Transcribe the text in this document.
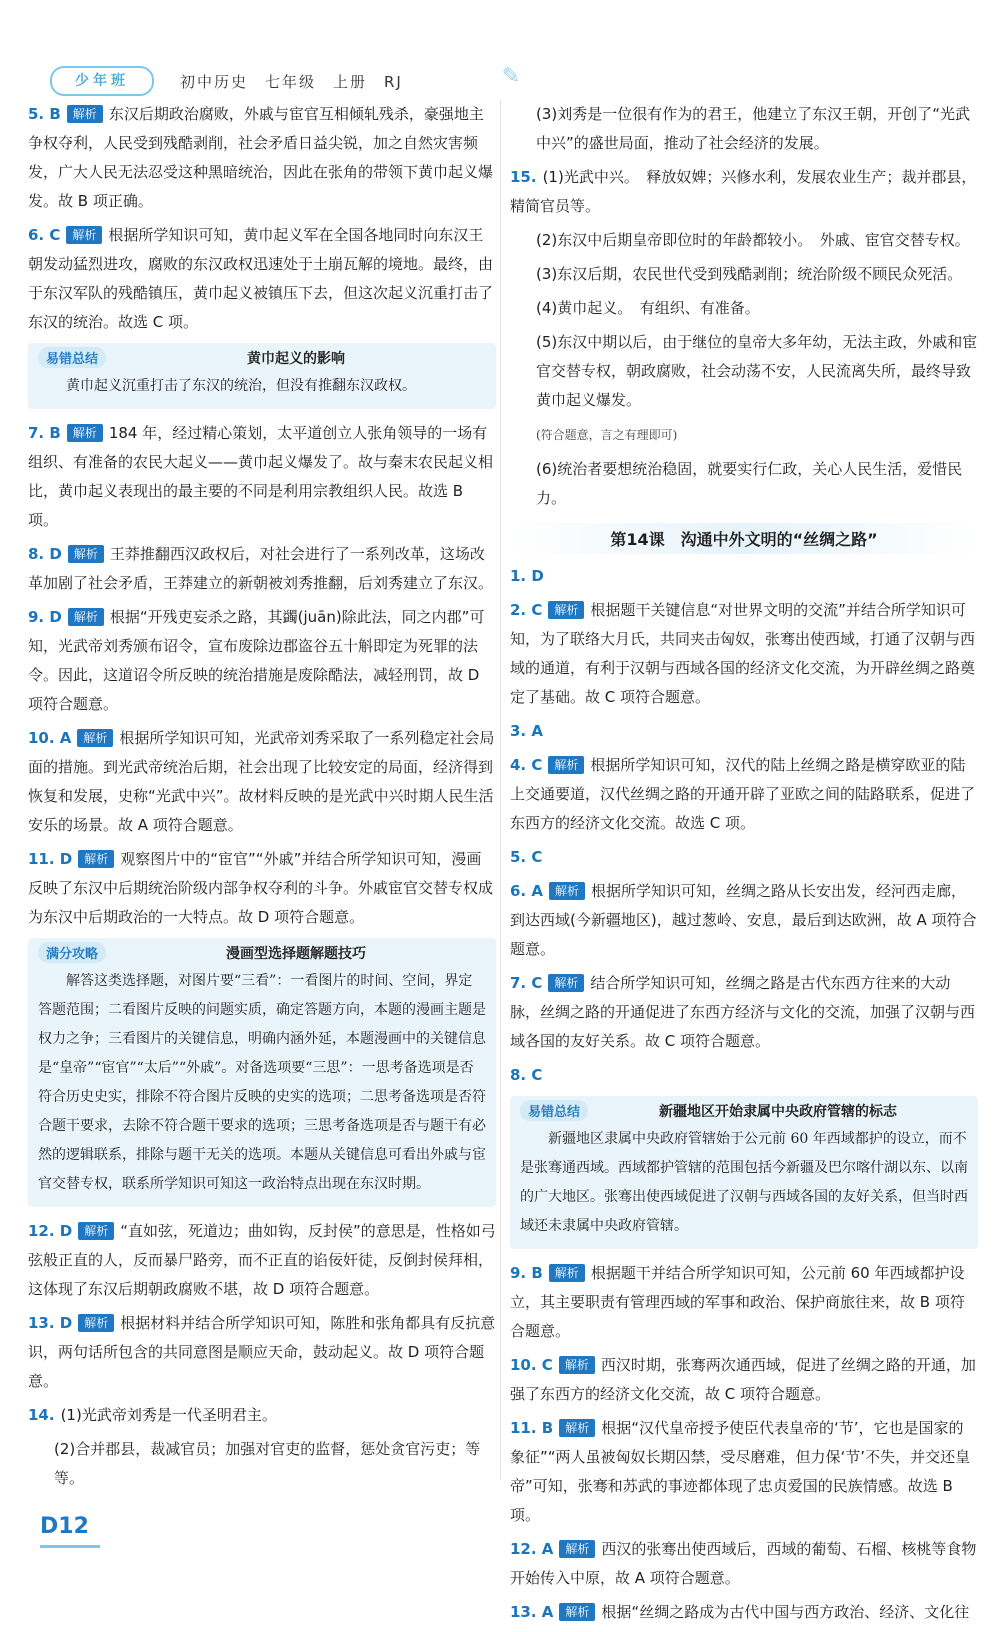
少年班	初中历史　七年级　上册　RJ	✎
5. B 解析 东汉后期政治腐败，外戚与宦官互相倾轧残杀，豪强地主争权夺利，人民受到残酷剥削，社会矛盾日益尖锐，加之自然灾害频发，广大人民无法忍受这种黑暗统治，因此在张角的带领下黄巾起义爆发。故 B 项正确。
6. C 解析 根据所学知识可知，黄巾起义军在全国各地同时向东汉王朝发动猛烈进攻，腐败的东汉政权迅速处于土崩瓦解的境地。最终，由于东汉军队的残酷镇压，黄巾起义被镇压下去，但这次起义沉重打击了东汉的统治。故选 C 项。
易错总结	黄巾起义的影响
黄巾起义沉重打击了东汉的统治，但没有推翻东汉政权。
7. B 解析 184 年，经过精心策划，太平道创立人张角领导的一场有组织、有准备的农民大起义——黄巾起义爆发了。故与秦末农民起义相比，黄巾起义表现出的最主要的不同是利用宗教组织人民。故选 B 项。
8. D 解析 王莽推翻西汉政权后，对社会进行了一系列改革，这场改革加剧了社会矛盾，王莽建立的新朝被刘秀推翻，后刘秀建立了东汉。
9. D 解析 根据“开残吏妄杀之路，其蠲(juān)除此法，同之内郡”可知，光武帝刘秀颁布诏令，宣布废除边郡盗谷五十斛即定为死罪的法令。因此，这道诏令所反映的统治措施是废除酷法，减轻刑罚，故 D 项符合题意。
10. A 解析 根据所学知识可知，光武帝刘秀采取了一系列稳定社会局面的措施。到光武帝统治后期，社会出现了比较安定的局面，经济得到恢复和发展，史称“光武中兴”。故材料反映的是光武中兴时期人民生活安乐的场景。故 A 项符合题意。
11. D 解析 观察图片中的“宦官”“外戚”并结合所学知识可知，漫画反映了东汉中后期统治阶级内部争权夺利的斗争。外戚宦官交替专权成为东汉中后期政治的一大特点。故 D 项符合题意。
满分攻略	漫画型选择题解题技巧
解答这类选择题，对图片要“三看”：一看图片的时间、空间，界定答题范围；二看图片反映的问题实质，确定答题方向，本题的漫画主题是权力之争；三看图片的关键信息，明确内涵外延，本题漫画中的关键信息是“皇帝”“宦官”“太后”“外戚”。对备选项要“三思”：一思考备选项是否符合历史史实，排除不符合图片反映的史实的选项；二思考备选项是否符合题干要求，去除不符合题干要求的选项；三思考备选项是否与题干有必然的逻辑联系，排除与题干无关的选项。本题从关键信息可看出外戚与宦官交替专权，联系所学知识可知这一政治特点出现在东汉时期。
12. D 解析 “直如弦，死道边；曲如钩，反封侯”的意思是，性格如弓弦般正直的人，反而暴尸路旁，而不正直的谄佞奸徒，反倒封侯拜相，这体现了东汉后期朝政腐败不堪，故 D 项符合题意。
13. D 解析 根据材料并结合所学知识可知，陈胜和张角都具有反抗意识，两句话所包含的共同意图是顺应天命，鼓动起义。故 D 项符合题意。
14. (1)光武帝刘秀是一代圣明君主。
(2)合并郡县，裁减官员；加强对官吏的监督，惩处贪官污吏；等等。
(3)刘秀是一位很有作为的君王，他建立了东汉王朝，开创了“光武中兴”的盛世局面，推动了社会经济的发展。
15. (1)光武中兴。　释放奴婢；兴修水利，发展农业生产；裁并郡县，精简官员等。
(2)东汉中后期皇帝即位时的年龄都较小。　外戚、宦官交替专权。
(3)东汉后期，农民世代受到残酷剥削；统治阶级不顾民众死活。
(4)黄巾起义。　有组织、有准备。
(5)东汉中期以后，由于继位的皇帝大多年幼，无法主政，外戚和宦官交替专权，朝政腐败，社会动荡不安，人民流离失所，最终导致黄巾起义爆发。
(符合题意，言之有理即可)
(6)统治者要想统治稳固，就要实行仁政，关心人民生活，爱惜民力。
第14课　沟通中外文明的“丝绸之路”
1. D
2. C 解析 根据题干关键信息“对世界文明的交流”并结合所学知识可知，为了联络大月氏，共同夹击匈奴，张骞出使西域，打通了汉朝与西域的通道，有利于汉朝与西域各国的经济文化交流，为开辟丝绸之路奠定了基础。故 C 项符合题意。
3. A
4. C 解析 根据所学知识可知，汉代的陆上丝绸之路是横穿欧亚的陆上交通要道，汉代丝绸之路的开通开辟了亚欧之间的陆路联系，促进了东西方的经济文化交流。故选 C 项。
5. C
6. A 解析 根据所学知识可知，丝绸之路从长安出发，经河西走廊，到达西域(今新疆地区)，越过葱岭、安息，最后到达欧洲，故 A 项符合题意。
7. C 解析 结合所学知识可知，丝绸之路是古代东西方往来的大动脉，丝绸之路的开通促进了东西方经济与文化的交流，加强了汉朝与西域各国的友好关系。故 C 项符合题意。
8. C
易错总结	新疆地区开始隶属中央政府管辖的标志
新疆地区隶属中央政府管辖始于公元前 60 年西域都护的设立，而不是张骞通西域。西域都护管辖的范围包括今新疆及巴尔喀什湖以东、以南的广大地区。张骞出使西域促进了汉朝与西域各国的友好关系，但当时西域还未隶属中央政府管辖。
9. B 解析 根据题干并结合所学知识可知，公元前 60 年西域都护设立，其主要职责有管理西域的军事和政治、保护商旅往来，故 B 项符合题意。
10. C 解析 西汉时期，张骞两次通西域，促进了丝绸之路的开通，加强了东西方的经济文化交流，故 C 项符合题意。
11. B 解析 根据“汉代皇帝授予使臣代表皇帝的‘节’，它也是国家的象征”“两人虽被匈奴长期囚禁，受尽磨难，但力保‘节’不失，并交还皇帝”可知，张骞和苏武的事迹都体现了忠贞爱国的民族情感。故选 B 项。
12. A 解析 西汉的张骞出使西域后，西域的葡萄、石榴、核桃等食物开始传入中原，故 A 项符合题意。
13. A 解析 根据“丝绸之路成为古代中国与西方政治、经济、文化往
D12
